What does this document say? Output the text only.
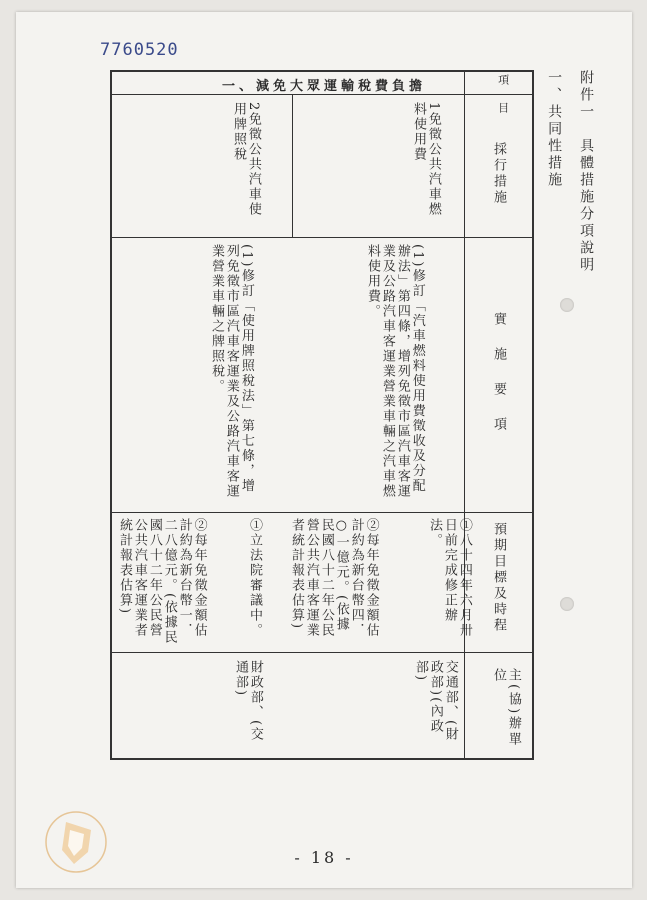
7760520
附件一　具體措施分項說明
一、共同性措施
項　目
採行措施
實施要項
預期目標及時程
主(協)辦單位
一、減免大眾運輸稅費負擔
1免徵公共汽車燃料使用費
2免徵公共汽車使用牌照稅
(1)修訂「汽車燃料使用費徵收及分配辦法」第四條，增列免徵市區汽車客運業及公路汽車客運業營業車輛之汽車燃料使用費。
(1)修訂「使用牌照稅法」第七條，增列免徵市區汽車客運業及公路汽車客運業營業車輛之牌照稅。
①八十四年六月卅日前完成修正辦法。
②每年免徵金額估計約為新台幣四．○一億元。(依據民國八十二年公民營公共汽車客運業者統計報表估算)
①立法院審議中。
②每年免徵金額估計約為新台幣一．二八億元。(依據民國八十二年公民營公共汽車客運業者統計報表估算)
交通部、(財政部)(內政部)
財政部、(交通部)
- 18 -
